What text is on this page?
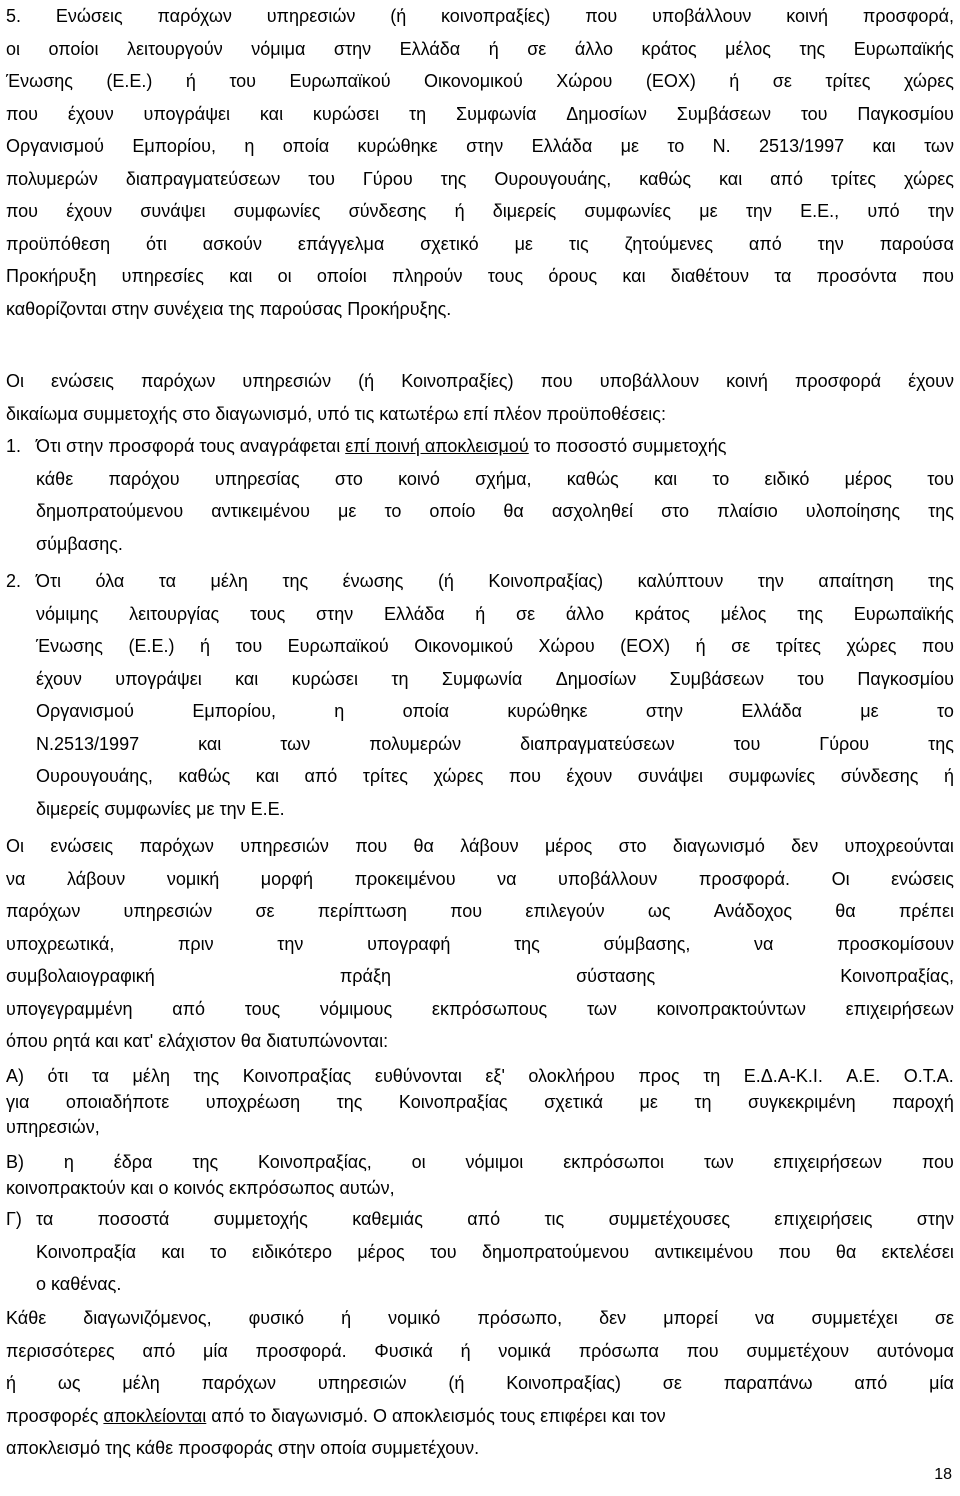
5. Ενώσεις παρόχων υπηρεσιών (ή κοινοπραξίες) που υποβάλλουν κοινή προσφορά,
οι οποίοι λειτουργούν νόμιμα στην Ελλάδα ή σε άλλο κράτος μέλος της Ευρωπαϊκής
Ένωσης (Ε.Ε.) ή του Ευρωπαϊκού Οικονομικού Χώρου (ΕΟΧ) ή σε τρίτες χώρες
που έχουν υπογράψει και κυρώσει τη Συμφωνία Δημοσίων Συμβάσεων του Παγκοσμίου
Οργανισμού Εμπορίου, η οποία κυρώθηκε στην Ελλάδα με το Ν. 2513/1997 και των
πολυμερών διαπραγματεύσεων του Γύρου της Ουρουγουάης, καθώς και από τρίτες χώρες
που έχουν συνάψει συμφωνίες σύνδεσης ή διμερείς συμφωνίες με την Ε.Ε., υπό την
προϋπόθεση ότι ασκούν επάγγελμα σχετικό με τις ζητούμενες από την παρούσα
Προκήρυξη υπηρεσίες και οι οποίοι πληρούν τους όρους και διαθέτουν τα προσόντα που
καθορίζονται στην συνέχεια της παρούσας Προκήρυξης.
Οι ενώσεις παρόχων υπηρεσιών (ή Κοινοπραξίες) που υποβάλλουν κοινή προσφορά έχουν
δικαίωμα συμμετοχής στο διαγωνισμό, υπό τις κατωτέρω επί πλέον προϋποθέσεις:
1. Ότι στην προσφορά τους αναγράφεται επί ποινή αποκλεισμού το ποσοστό συμμετοχής
κάθε παρόχου υπηρεσίας στο κοινό σχήμα, καθώς και το ειδικό μέρος του
δημοπρατούμενου αντικειμένου με το οποίο θα ασχοληθεί στο πλαίσιο υλοποίησης της
σύμβασης.
2. Ότι όλα τα μέλη της ένωσης (ή Κοινοπραξίας) καλύπτουν την απαίτηση της
νόμιμης λειτουργίας τους στην Ελλάδα ή σε άλλο κράτος μέλος της Ευρωπαϊκής
Ένωσης (Ε.Ε.) ή του Ευρωπαϊκού Οικονομικού Χώρου (ΕΟΧ) ή σε τρίτες χώρες που
έχουν υπογράψει και κυρώσει τη Συμφωνία Δημοσίων Συμβάσεων του Παγκοσμίου
Οργανισμού	Εμπορίου,	η	οποία	κυρώθηκε	στην	Ελλάδα	με	το
Ν.2513/1997	και	των	πολυμερών	διαπραγματεύσεων	του	Γύρου	της
Ουρουγουάης, καθώς και από τρίτες χώρες που έχουν συνάψει συμφωνίες σύνδεσης ή
διμερείς συμφωνίες με την Ε.Ε.
Οι ενώσεις παρόχων υπηρεσιών που θα λάβουν μέρος στο διαγωνισμό δεν υποχρεούνται
να λάβουν νομική μορφή προκειμένου να υποβάλλουν προσφορά. Οι ενώσεις
παρόχων υπηρεσιών σε περίπτωση που επιλεγούν ως Ανάδοχος θα πρέπει
υποχρεωτικά,	πριν	την	υπογραφή	της	σύμβασης,	να	προσκομίσουν
συμβολαιογραφική	πράξη	σύστασης	Κοινοπραξίας,
υπογεγραμμένη από τους νόμιμους εκπρόσωπους των κοινοπρακτούντων επιχειρήσεων
όπου ρητά και κατ' ελάχιστον θα διατυπώνονται:
Α) ότι τα μέλη της Κοινοπραξίας ευθύνονται εξ' ολοκλήρου προς τη Ε.Δ.Α-Κ.Ι. Α.Ε. Ο.Τ.Α.
για οποιαδήποτε υποχρέωση της Κοινοπραξίας σχετικά με τη συγκεκριμένη παροχή
υπηρεσιών,
Β) η έδρα της Κοινοπραξίας, οι νόμιμοι εκπρόσωποι των επιχειρήσεων που
κοινοπρακτούν και ο κοινός εκπρόσωπος αυτών,
Γ) τα ποσοστά συμμετοχής καθεμιάς από τις συμμετέχουσες επιχειρήσεις στην
Κοινοπραξία και το ειδικότερο μέρος του δημοπρατούμενου αντικειμένου που θα εκτελέσει
ο καθένας.
Κάθε διαγωνιζόμενος, φυσικό ή νομικό πρόσωπο, δεν μπορεί να συμμετέχει σε
περισσότερες από μία προσφορά. Φυσικά ή νομικά πρόσωπα που συμμετέχουν αυτόνομα
ή ως μέλη παρόχων υπηρεσιών (ή Κοινοπραξίας) σε παραπάνω από μία
προσφορές αποκλείονται από το διαγωνισμό. Ο αποκλεισμός τους επιφέρει και τον
αποκλεισμό της κάθε προσφοράς στην οποία συμμετέχουν.
18
